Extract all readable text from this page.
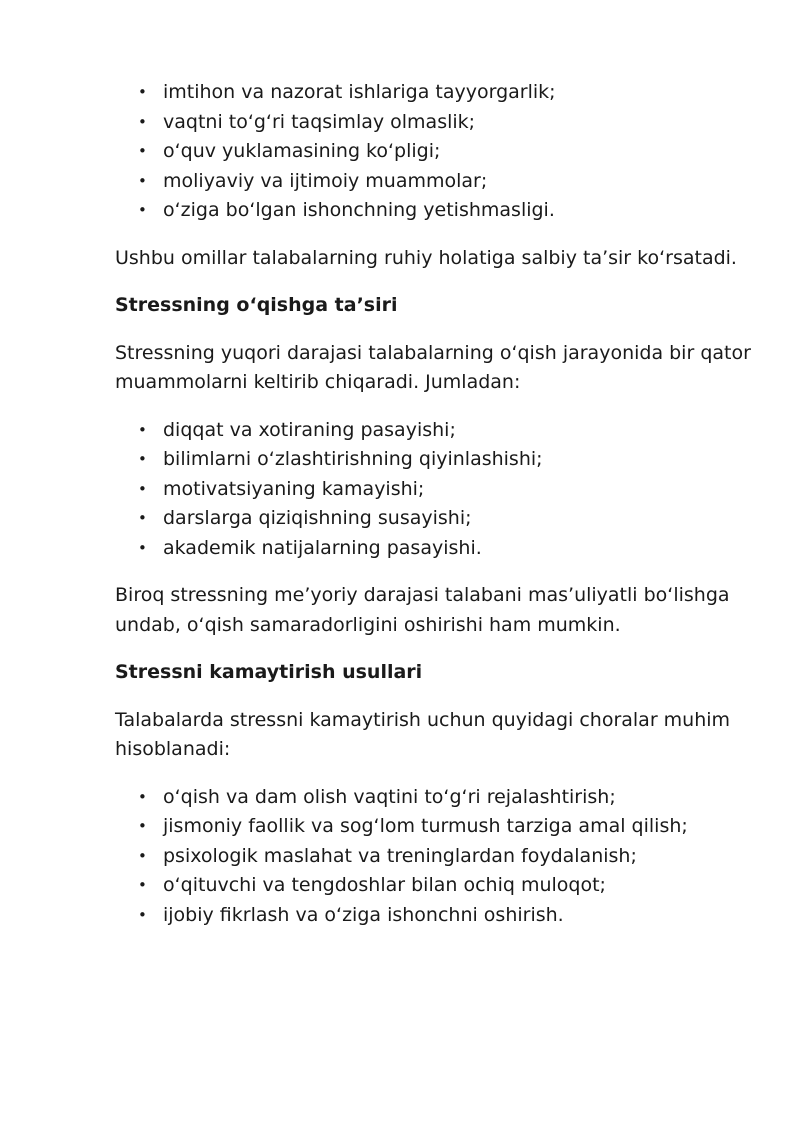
• imtihon va nazorat ishlariga tayyorgarlik;
• vaqtni to‘g‘ri taqsimlay olmaslik;
• o‘quv yuklamasining ko‘pligi;
• moliyaviy va ijtimoiy muammolar;
• o‘ziga bo‘lgan ishonchning yetishmasligi.

Ushbu omillar talabalarning ruhiy holatiga salbiy ta’sir ko‘rsatadi.

Stressning o‘qishga ta’siri

Stressning yuqori darajasi talabalarning o‘qish jarayonida bir qator muammolarni keltirib chiqaradi. Jumladan:

• diqqat va xotiraning pasayishi;
• bilimlarni o‘zlashtirishning qiyinlashishi;
• motivatsiyaning kamayishi;
• darslarga qiziqishning susayishi;
• akademik natijalarning pasayishi.

Biroq stressning me’yoriy darajasi talabani mas’uliyatli bo‘lishga undab, o‘qish samaradorligini oshirishi ham mumkin.

Stressni kamaytirish usullari

Talabalarda stressni kamaytirish uchun quyidagi choralar muhim hisoblanadi:

• o‘qish va dam olish vaqtini to‘g‘ri rejalashtirish;
• jismoniy faollik va sog‘lom turmush tarziga amal qilish;
• psixologik maslahat va treninglardan foydalanish;
• o‘qituvchi va tengdoshlar bilan ochiq muloqot;
• ijobiy fikrlash va o‘ziga ishonchni oshirish.
